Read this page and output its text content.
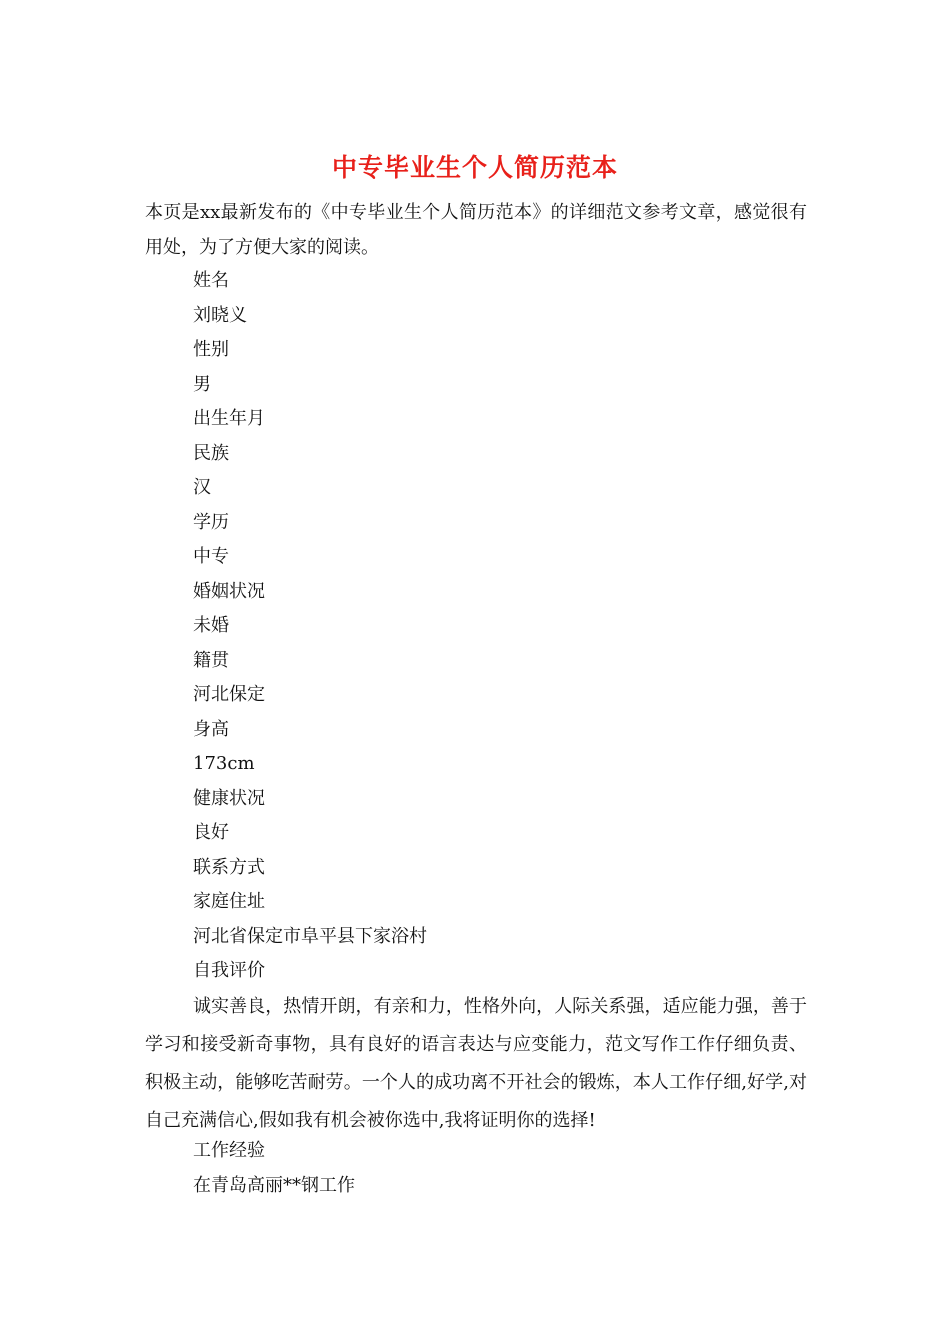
中专毕业生个人简历范本
本页是xx最新发布的《中专毕业生个人简历范本》的详细范文参考文章，感觉很有用处，为了方便大家的阅读。
姓名
刘晓义
性别
男
出生年月
民族
汉
学历
中专
婚姻状况
未婚
籍贯
河北保定
身高
173cm
健康状况
良好
联系方式
家庭住址
河北省保定市阜平县下家浴村
自我评价
诚实善良，热情开朗，有亲和力，性格外向，人际关系强，适应能力强，善于学习和接受新奇事物，具有良好的语言表达与应变能力，范文写作工作仔细负责、积极主动，能够吃苦耐劳。一个人的成功离不开社会的锻炼，本人工作仔细,好学,对自己充满信心,假如我有机会被你选中,我将证明你的选择!
工作经验
在青岛高丽**钢工作
